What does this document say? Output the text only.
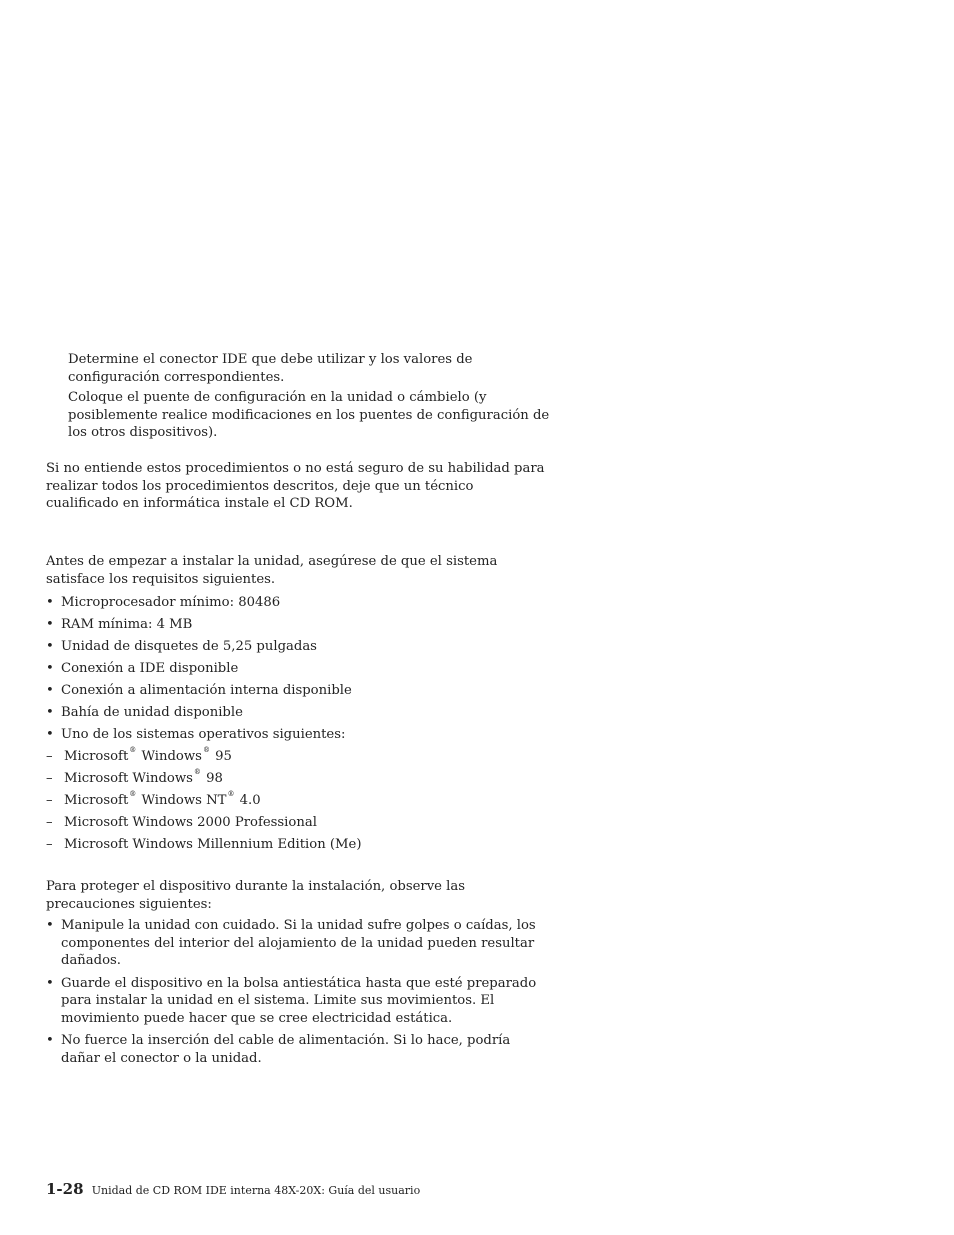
Determine el conector IDE que debe utilizar y los valores de configuración correspondientes.
Coloque el puente de configuración en la unidad o cámbielo (y posiblemente realice modificaciones en los puentes de configuración de los otros dispositivos).
Si no entiende estos procedimientos o no está seguro de su habilidad para realizar todos los procedimientos descritos, deje que un técnico cualificado en informática instale el CD ROM.
Antes de empezar a instalar la unidad, asegúrese de que el sistema satisface los requisitos siguientes.
• Microprocesador mínimo: 80486
• RAM mínima: 4 MB
• Unidad de disquetes de 5,25 pulgadas
• Conexión a IDE disponible
• Conexión a alimentación interna disponible
• Bahía de unidad disponible
• Uno de los sistemas operativos siguientes:
– Microsoft® Windows® 95
– Microsoft Windows® 98
– Microsoft® Windows NT® 4.0
– Microsoft Windows 2000 Professional
– Microsoft Windows Millennium Edition (Me)
Para proteger el dispositivo durante la instalación, observe las precauciones siguientes:
• Manipule la unidad con cuidado. Si la unidad sufre golpes o caídas, los componentes del interior del alojamiento de la unidad pueden resultar dañados.
• Guarde el dispositivo en la bolsa antiestática hasta que esté preparado para instalar la unidad en el sistema. Limite sus movimientos. El movimiento puede hacer que se cree electricidad estática.
• No fuerce la inserción del cable de alimentación. Si lo hace, podría dañar el conector o la unidad.
1-28 Unidad de CD ROM IDE interna 48X-20X: Guía del usuario
